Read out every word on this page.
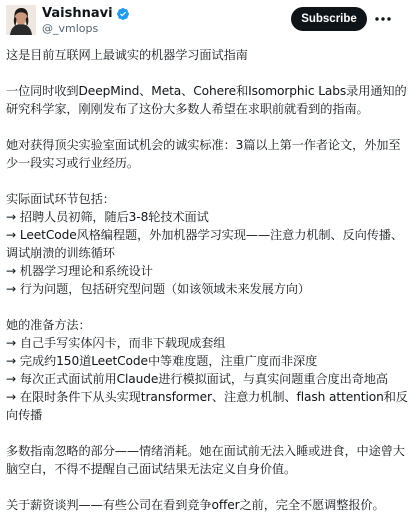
Vaishnavi
@_vmlops
Subscribe
这是目前互联网上最诚实的机器学习面试指南
一位同时收到DeepMind、Meta、Cohere和Isomorphic Labs录用通知的
研究科学家，刚刚发布了这份大多数人希望在求职前就看到的指南。
她对获得顶尖实验室面试机会的诚实标准：3篇以上第一作者论文，外加至
少一段实习或行业经历。
实际面试环节包括：
→ 招聘人员初筛，随后3-8轮技术面试
→ LeetCode风格编程题，外加机器学习实现——注意力机制、反向传播、
调试崩溃的训练循环
→ 机器学习理论和系统设计
→ 行为问题，包括研究型问题（如该领域未来发展方向）
她的准备方法：
→ 自己手写实体闪卡，而非下载现成套组
→ 完成约150道LeetCode中等难度题，注重广度而非深度
→ 每次正式面试前用Claude进行模拟面试，与真实问题重合度出奇地高
→ 在限时条件下从头实现transformer、注意力机制、flash attention和反
向传播
多数指南忽略的部分——情绪消耗。她在面试前无法入睡或进食，中途曾大
脑空白，不得不提醒自己面试结果无法定义自身价值。
关于薪资谈判——有些公司在看到竞争offer之前，完全不愿调整报价。
